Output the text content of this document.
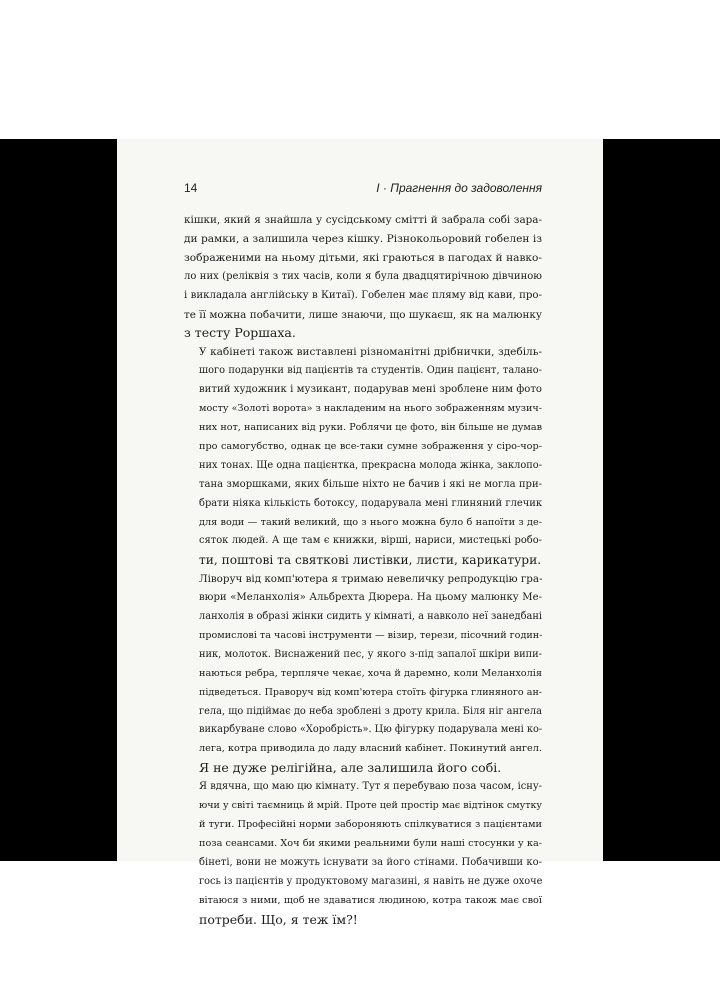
14	I · Прагнення до задоволення

кішки, який я знайшла у сусідському смітті й забрала собі зара-
ди рамки, а залишила через кішку. Різнокольоровий гобелен із
зображеними на ньому дітьми, які граються в пагодах й навко-
ло них (реліквія з тих часів, коли я була двадцятирічною дівчиною
і викладала англійську в Китаї). Гобелен має пляму від кави, про-
те її можна побачити, лише знаючи, що шукаєш, як на малюнку
з тесту Роршаха.

У кабінеті також виставлені різноманітні дрібнички, здебіль-
шого подарунки від пацієнтів та студентів. Один пацієнт, талано-
витий художник і музикант, подарував мені зроблене ним фото
мосту «Золоті ворота» з накладеним на нього зображенням музич-
них нот, написаних від руки. Роблячи це фото, він більше не думав
про самогубство, однак це все-таки сумне зображення у сіро-чор-
них тонах. Ще одна пацієнтка, прекрасна молода жінка, заклопо-
тана зморшками, яких більше ніхто не бачив і які не могла при-
брати ніяка кількість ботоксу, подарувала мені глиняний глечик
для води — такий великий, що з нього можна було б напоїти з де-
сяток людей. А ще там є книжки, вірші, нариси, мистецькі робо-
ти, поштові та святкові листівки, листи, карикатури.

Ліворуч від комп'ютера я тримаю невеличку репродукцію гра-
вюри «Меланхолія» Альбрехта Дюрера. На цьому малюнку Ме-
ланхолія в образі жінки сидить у кімнаті, а навколо неї занедбані
промислові та часові інструменти — візир, терези, пісочний годин-
ник, молоток. Виснажений пес, у якого з-під запалої шкіри випи-
наються ребра, терпляче чекає, хоча й даремно, коли Меланхолія
підведеться. Праворуч від комп'ютера стоїть фігурка глиняного ан-
гела, що підіймає до неба зроблені з дроту крила. Біля ніг ангела
викарбуване слово «Хоробрість». Цю фігурку подарувала мені ко-
лега, котра приводила до ладу власний кабінет. Покинутий ангел.
Я не дуже релігійна, але залишила його собі.

Я вдячна, що маю цю кімнату. Тут я перебуваю поза часом, існу-
ючи у світі таємниць й мрій. Проте цей простір має відтінок смутку
й туги. Професійні норми забороняють спілкуватися з пацієнтами
поза сеансами. Хоч би якими реальними були наші стосунки у ка-
бінеті, вони не можуть існувати за його стінами. Побачивши ко-
гось із пацієнтів у продуктовому магазині, я навіть не дуже охоче
вітаюся з ними, щоб не здаватися людиною, котра також має свої
потреби. Що, я теж їм?!
